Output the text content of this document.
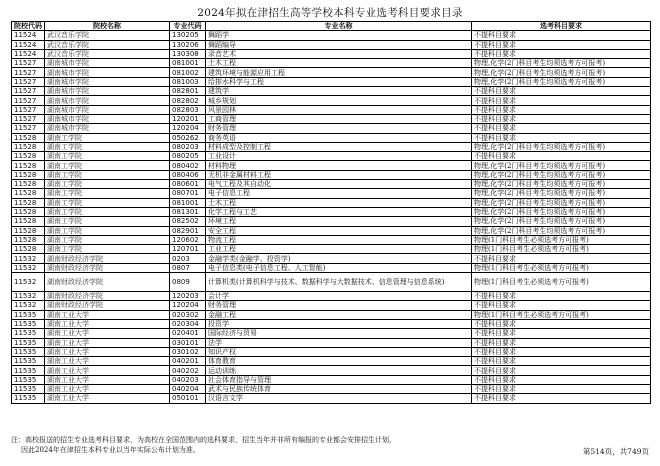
2024年拟在津招生高等学校本科专业选考科目要求目录
院校代码	院校名称	专业代码	专业名称	选考科目要求
11524	武汉音乐学院	130205	舞蹈学	不提科目要求
11524	武汉音乐学院	130206	舞蹈编导	不提科目要求
11524	武汉音乐学院	130308	录音艺术	不提科目要求
11527	湖南城市学院	081001	土木工程	物理,化学(2门科目考生均须选考方可报考)
11527	湖南城市学院	081002	建筑环境与能源应用工程	物理,化学(2门科目考生均须选考方可报考)
11527	湖南城市学院	081003	给排水科学与工程	物理,化学(2门科目考生均须选考方可报考)
11527	湖南城市学院	082801	建筑学	不提科目要求
11527	湖南城市学院	082802	城乡规划	不提科目要求
11527	湖南城市学院	082803	风景园林	不提科目要求
11527	湖南城市学院	120201	工商管理	不提科目要求
11527	湖南城市学院	120204	财务管理	不提科目要求
11528	湖南工学院	050262	商务英语	不提科目要求
11528	湖南工学院	080203	材料成型及控制工程	物理,化学(2门科目考生均须选考方可报考)
11528	湖南工学院	080205	工业设计	不提科目要求
11528	湖南工学院	080402	材料物理	物理,化学(2门科目考生均须选考方可报考)
11528	湖南工学院	080406	无机非金属材料工程	物理,化学(2门科目考生均须选考方可报考)
11528	湖南工学院	080601	电气工程及其自动化	物理,化学(2门科目考生均须选考方可报考)
11528	湖南工学院	080701	电子信息工程	物理,化学(2门科目考生均须选考方可报考)
11528	湖南工学院	081001	土木工程	物理,化学(2门科目考生均须选考方可报考)
11528	湖南工学院	081301	化学工程与工艺	物理,化学(2门科目考生均须选考方可报考)
11528	湖南工学院	082502	环境工程	物理,化学(2门科目考生均须选考方可报考)
11528	湖南工学院	082901	安全工程	物理,化学(2门科目考生均须选考方可报考)
11528	湖南工学院	120602	物流工程	物理(1门科目考生必须选考方可报考)
11528	湖南工学院	120701	工业工程	物理(1门科目考生必须选考方可报考)
11532	湖南财政经济学院	0203	金融学类(金融学、投资学)	不提科目要求
11532	湖南财政经济学院	0807	电子信息类(电子信息工程、人工智能)	物理(1门科目考生必须选考方可报考)
11532	湖南财政经济学院	0809	计算机类(计算机科学与技术、数据科学与大数据技术、信息管理与信息系统)	物理(1门科目考生必须选考方可报考)
11532	湖南财政经济学院	120203	会计学	不提科目要求
11532	湖南财政经济学院	120204	财务管理	不提科目要求
11535	湖南工业大学	020302	金融工程	物理(1门科目考生必须选考方可报考)
11535	湖南工业大学	020304	投资学	不提科目要求
11535	湖南工业大学	020401	国际经济与贸易	不提科目要求
11535	湖南工业大学	030101	法学	不提科目要求
11535	湖南工业大学	030102	知识产权	不提科目要求
11535	湖南工业大学	040201	体育教育	不提科目要求
11535	湖南工业大学	040202	运动训练	不提科目要求
11535	湖南工业大学	040203	社会体育指导与管理	不提科目要求
11535	湖南工业大学	040204	武术与民族传统体育	不提科目要求
11535	湖南工业大学	050101	汉语言文学	不提科目要求
注：高校报送的招生专业选考科目要求，为高校在全国范围内的选科要求，招生当年并非所有编报的专业都会安排招生计划，
因此2024年在津招生本科专业以当年实际公布计划为准。	第514页，共749页
